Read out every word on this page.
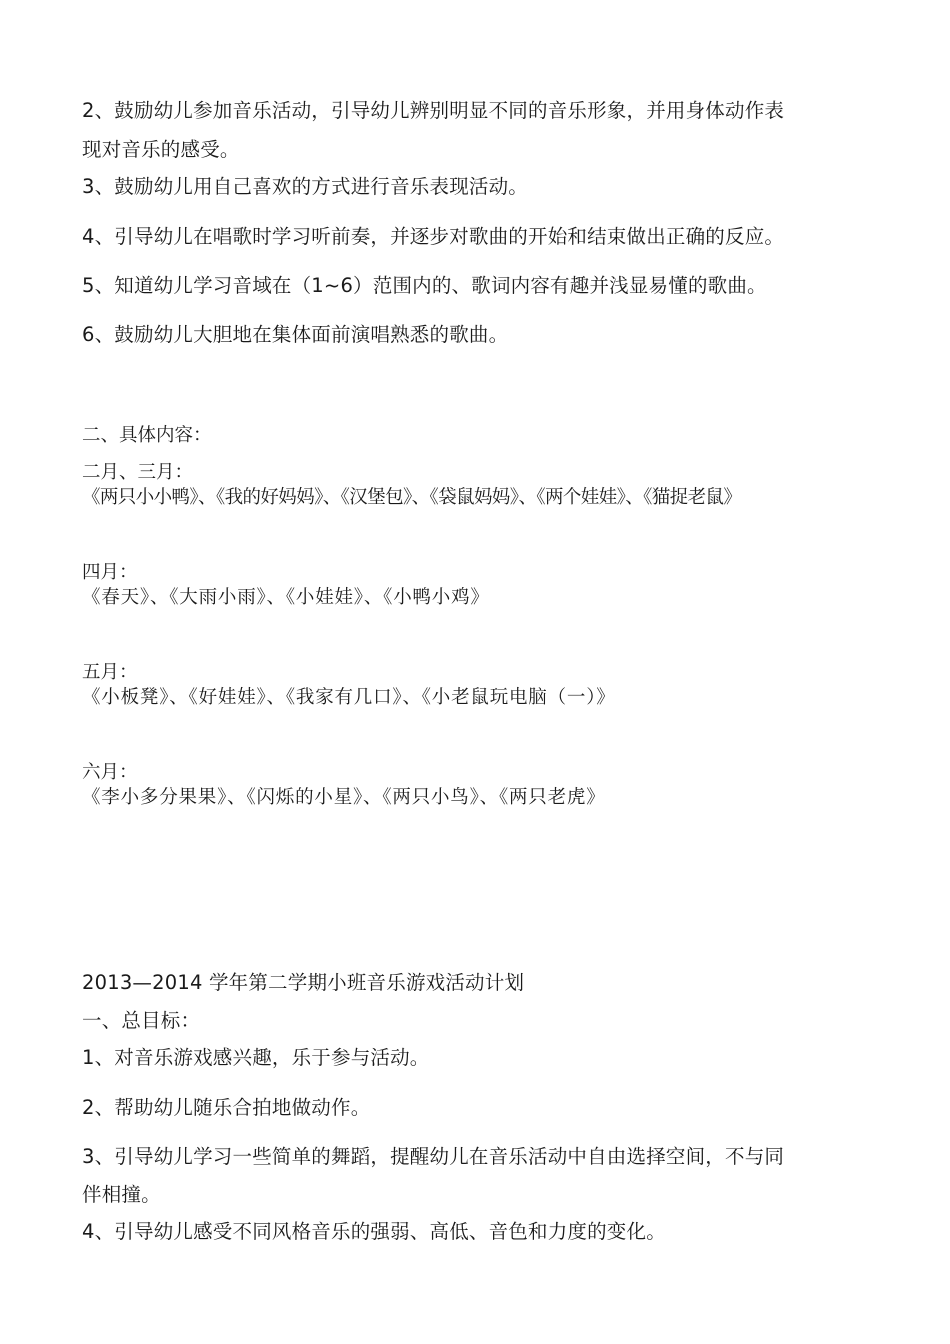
2、鼓励幼儿参加音乐活动，引导幼儿辨别明显不同的音乐形象，并用身体动作表
现对音乐的感受。
3、鼓励幼儿用自己喜欢的方式进行音乐表现活动。
4、引导幼儿在唱歌时学习听前奏，并逐步对歌曲的开始和结束做出正确的反应。
5、知道幼儿学习音域在（1~6）范围内的、歌词内容有趣并浅显易懂的歌曲。
6、鼓励幼儿大胆地在集体面前演唱熟悉的歌曲。
二、具体内容：
二月、三月：
《两只小小鸭》、《我的好妈妈》、《汉堡包》、《袋鼠妈妈》、《两个娃娃》、《猫捉老鼠》
四月：
《春天》、《大雨小雨》、《小娃娃》、《小鸭小鸡》
五月：
《小板凳》、《好娃娃》、《我家有几口》、《小老鼠玩电脑（一）》
六月：
《李小多分果果》、《闪烁的小星》、《两只小鸟》、《两只老虎》
2013—2014 学年第二学期小班音乐游戏活动计划
一、总目标：
1、对音乐游戏感兴趣，乐于参与活动。
2、帮助幼儿随乐合拍地做动作。
3、引导幼儿学习一些简单的舞蹈，提醒幼儿在音乐活动中自由选择空间，不与同
伴相撞。
4、引导幼儿感受不同风格音乐的强弱、高低、音色和力度的变化。
